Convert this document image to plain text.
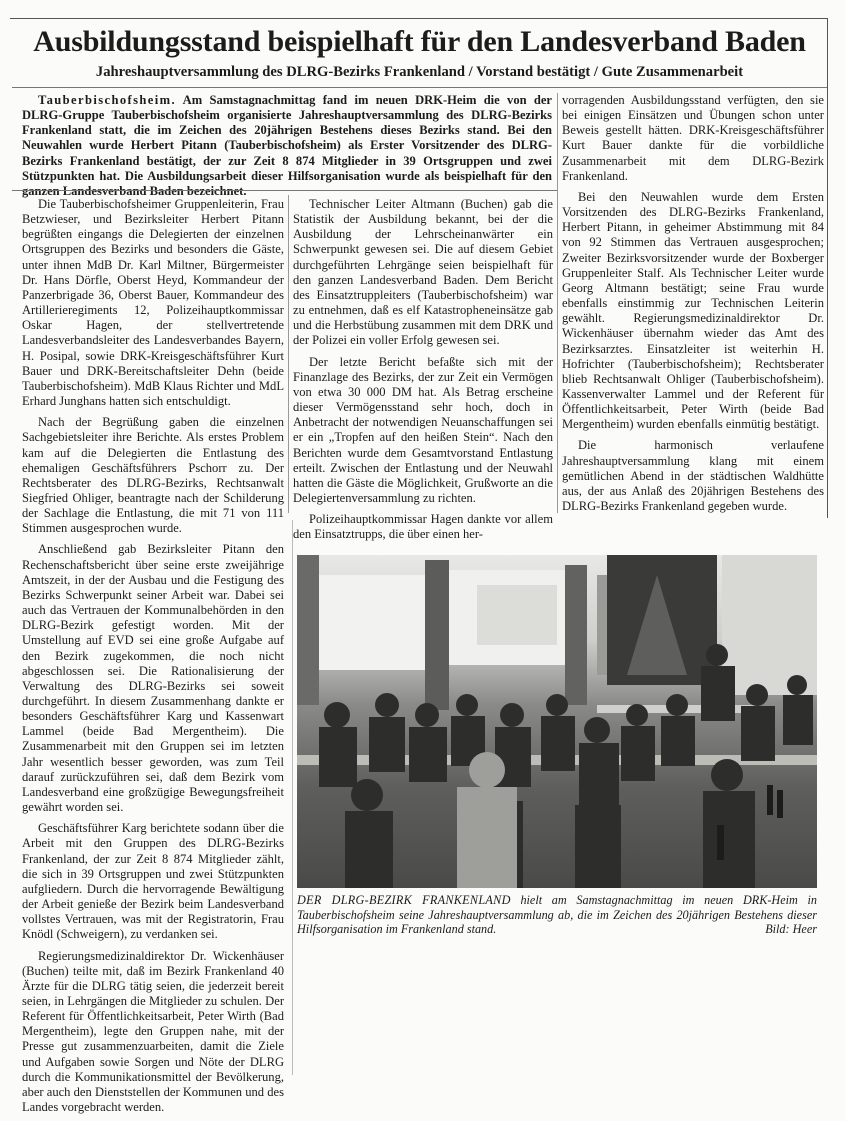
Ausbildungsstand beispielhaft für den Landesverband Baden
Jahreshauptversammlung des DLRG-Bezirks Frankenland / Vorstand bestätigt / Gute Zusammenarbeit

Tauberbischofsheim. Am Samstagnachmittag fand im neuen DRK-Heim die von der DLRG-Gruppe Tauberbischofsheim organisierte Jahreshauptversammlung des DLRG-Bezirks Frankenland statt, die im Zeichen des 20jährigen Bestehens dieses Bezirks stand. Bei den Neuwahlen wurde Herbert Pitann (Tauberbischofsheim) als Erster Vorsitzender des DLRG-Bezirks Frankenland bestätigt, der zur Zeit 8 874 Mitglieder in 39 Ortsgruppen und zwei Stützpunkten hat. Die Ausbildungsarbeit dieser Hilfsorganisation wurde als beispielhaft für den

Die Tauberbischofsheimer Gruppenleiterin, Frau Betzwieser, und Bezirksleiter Herbert Pitann begrüßten eingangs die Delegierten der einzelnen Ortsgruppen des Bezirks und besonders die Gäste, unter ihnen MdB Dr. Karl Miltner, Bürgermeister Dr. Hans Dörfle, Oberst Heyd, Kommandeur der Panzerbrigade 36, Oberst Bauer, Kommandeur des Artillerieregiments 12, Polizeihauptkommissar Oskar Hagen, der stellvertretende Landesverbandsleiter des Landesverbandes Bayern, H. Posipal, sowie DRK-Kreisgeschäftsführer Kurt Bauer und DRK-Bereitschaftsleiter Dehn (beide Tauberbischofsheim). MdB Klaus Richter und MdL Erhard Junghans hatten sich entschuldigt.

Nach der Begrüßung gaben die einzelnen Sachgebietsleiter ihre Berichte. Als erstes Problem kam auf die Delegierten die Entlastung des ehemaligen Geschäftsführers Pschorr zu. Der Rechtsberater des DLRG-Bezirks, Rechtsanwalt Siegfried Ohliger, beantragte nach der Schilderung der Sachlage die Entlastung, die mit 71 von 111 Stimmen ausgesprochen wurde.

Anschließend gab Bezirksleiter Pitann den Rechenschaftsbericht über seine erste zweijährige Amtszeit, in der der Ausbau und die Festigung des Bezirks Schwerpunkt seiner Arbeit war. Dabei sei auch das Vertrauen der Kommunalbehörden in den DLRG-Bezirk gefestigt worden. Mit der Umstellung auf EVD sei eine große Aufgabe auf den Bezirk zugekommen, die noch nicht abgeschlossen sei. Die Rationalisierung der Verwaltung des DLRG-Bezirks sei soweit durchgeführt. In diesem Zusammenhang dankte er besonders Geschäftsführer Karg und Kassenwart Lammel (beide Bad Mergentheim). Die Zusammenarbeit mit den Gruppen sei im letzten Jahr wesentlich besser geworden, was zum Teil darauf zurückzuführen sei, daß dem Bezirk vom Landesverband eine großzügige Bewegungsfreiheit gewährt worden sei.

Geschäftsführer Karg berichtete sodann über die Arbeit mit den Gruppen des DLRG-Bezirks Frankenland, der zur Zeit 8 874 Mitglieder zählt, die sich in 39 Ortsgruppen und zwei Stützpunkten aufgliedern. Durch die hervorragende Bewältigung der Arbeit genieße der Bezirk beim Landesverband vollstes Vertrauen, was mit der Registratorin, Frau Knödl (Schweigern), zu verdanken sei.

Regierungsmedizinaldirektor Dr. Wickenhäuser (Buchen) teilte mit, daß im Bezirk Frankenland 40 Ärzte für die DLRG tätig seien, die jederzeit bereit seien, in Lehrgängen die Mitglieder zu schulen. Der Referent für Öffentlichkeitsarbeit, Peter Wirth (Bad Mergentheim), legte den Gruppen nahe, mit der Presse gut zusammenzuarbeiten, damit die Ziele und Aufgaben sowie Sorgen und Nöte der DLRG durch die Kommunikationsmittel der Bevölkerung, aber auch den Dienststellen der Kommunen und des Landes vorgebracht werden.

Technischer Leiter Altmann (Buchen) gab die Statistik der Ausbildung bekannt, bei der die Ausbildung der Lehrscheinanwärter ein Schwerpunkt gewesen sei. Die auf diesem Gebiet durchgeführten Lehrgänge seien beispielhaft für den ganzen Landesverband Baden. Dem Bericht des Einsatztruppleiters (Tauberbischofsheim) war zu entnehmen, daß es elf Katastropheneinsätze gab und die Herbstübung zusammen mit dem DRK und der Polizei ein voller Erfolg gewesen sei.

Der letzte Bericht befaßte sich mit der Finanzlage des Bezirks, der zur Zeit ein Vermögen von etwa 30 000 DM hat. Als Betrag erscheine dieser Vermögensstand sehr hoch, doch in Anbetracht der notwendigen Neuanschaffungen sei er ein „Tropfen auf den heißen Stein“. Nach den Berichten wurde dem Gesamtvorstand Entlastung erteilt. Zwischen der Entlastung und der Neuwahl hatten die Gäste die Möglichkeit, Grußworte an die Delegiertenversammlung zu richten.

Polizeihauptkommissar Hagen dankte vor allem den Einsatztrupps, die über einen her-

vorragenden Ausbildungsstand verfügten, den sie bei einigen Einsätzen und Übungen schon unter Beweis gestellt hätten. DRK-Kreisgeschäftsführer Kurt Bauer dankte für die vorbildliche Zusammenarbeit mit dem DLRG-Bezirk Frankenland.

Bei den Neuwahlen wurde dem Ersten Vorsitzenden des DLRG-Bezirks Frankenland, Herbert Pitann, in geheimer Abstimmung mit 84 von 92 Stimmen das Vertrauen ausgesprochen; Zweiter Bezirksvorsitzender wurde der Boxberger Gruppenleiter Stalf. Als Technischer Leiter wurde Georg Altmann bestätigt; seine Frau wurde ebenfalls einstimmig zur Technischen Leiterin gewählt. Regierungsmedizinaldirektor Dr. Wickenhäuser übernahm wieder das Amt des Bezirksarztes. Einsatzleiter ist weiterhin H. Hofrichter (Tauberbischofsheim); Rechtsberater blieb Rechtsanwalt Ohliger (Tauberbischofsheim). Kassenverwalter Lammel und der Referent für Öffentlichkeitsarbeit, Peter Wirth (beide Bad Mergentheim) wurden ebenfalls einmütig bestätigt.

Die harmonisch verlaufene Jahreshauptversammlung klang mit einem gemütlichen Abend in der städtischen Waldhütte aus, der aus Anlaß des 20jährigen Bestehens des DLRG-Bezirks Frankenland gegeben wurde.

DER DLRG-BEZIRK FRANKENLAND hielt am Samstagnachmittag im neuen DRK-Heim in Tauberbischofsheim seine Jahreshauptversammlung ab, die im Zeichen des 20jährigen Bestehens dieser Hilfsorganisation im Frankenland stand.	Bild: Heer
